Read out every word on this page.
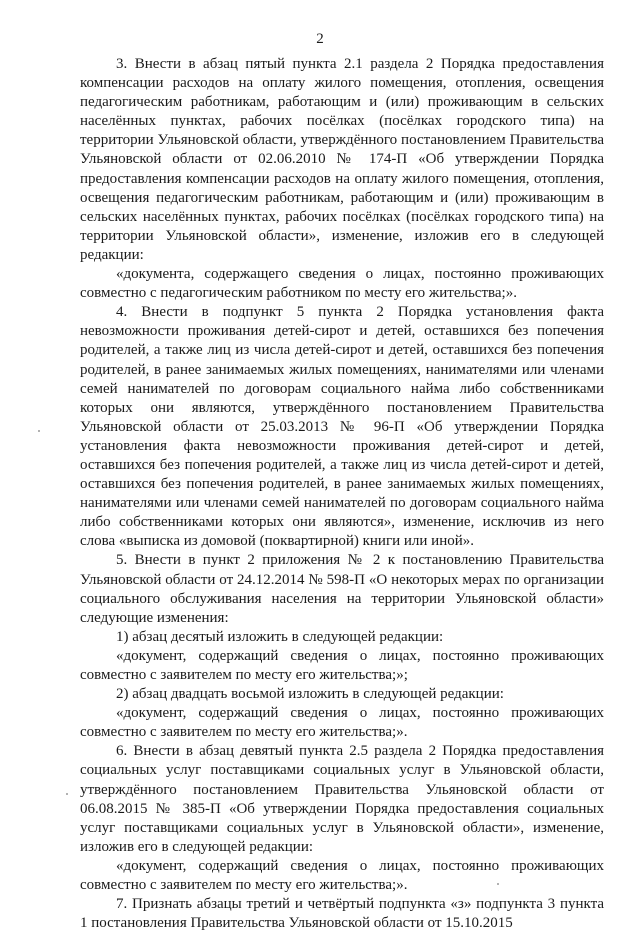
2

3. Внести в абзац пятый пункта 2.1 раздела 2 Порядка предоставления компенсации расходов на оплату жилого помещения, отопления, освещения педагогическим работникам, работающим и (или) проживающим в сельских населённых пунктах, рабочих посёлках (посёлках городского типа) на территории Ульяновской области, утверждённого постановлением Правительства Ульяновской области от 02.06.2010 № 174-П «Об утверждении Порядка предоставления компенсации расходов на оплату жилого помещения, отопления, освещения педагогическим работникам, работающим и (или) проживающим в сельских населённых пунктах, рабочих посёлках (посёлках городского типа) на территории Ульяновской области», изменение, изложив его в следующей редакции:

«документа, содержащего сведения о лицах, постоянно проживающих совместно с педагогическим работником по месту его жительства;».

4. Внести в подпункт 5 пункта 2 Порядка установления факта невозможности проживания детей-сирот и детей, оставшихся без попечения родителей, а также лиц из числа детей-сирот и детей, оставшихся без попечения родителей, в ранее занимаемых жилых помещениях, нанимателями или членами семей нанимателей по договорам социального найма либо собственниками которых они являются, утверждённого постановлением Правительства Ульяновской области от 25.03.2013 № 96-П «Об утверждении Порядка установления факта невозможности проживания детей-сирот и детей, оставшихся без попечения родителей, а также лиц из числа детей-сирот и детей, оставшихся без попечения родителей, в ранее занимаемых жилых помещениях, нанимателями или членами семей нанимателей по договорам социального найма либо собственниками которых они являются», изменение, исключив из него слова «выписка из домовой (поквартирной) книги или иной».

5. Внести в пункт 2 приложения № 2 к постановлению Правительства Ульяновской области от 24.12.2014 № 598-П «О некоторых мерах по организации социального обслуживания населения на территории Ульяновской области» следующие изменения:

1) абзац десятый изложить в следующей редакции:

«документ, содержащий сведения о лицах, постоянно проживающих совместно с заявителем по месту его жительства;»;

2) абзац двадцать восьмой изложить в следующей редакции:

«документ, содержащий сведения о лицах, постоянно проживающих совместно с заявителем по месту его жительства;».

6. Внести в абзац девятый пункта 2.5 раздела 2 Порядка предоставления социальных услуг поставщиками социальных услуг в Ульяновской области, утверждённого постановлением Правительства Ульяновской области от 06.08.2015 № 385-П «Об утверждении Порядка предоставления социальных услуг поставщиками социальных услуг в Ульяновской области», изменение, изложив его в следующей редакции:

«документ, содержащий сведения о лицах, постоянно проживающих совместно с заявителем по месту его жительства;».

7. Признать абзацы третий и четвёртый подпункта «з» подпункта 3 пункта 1 постановления Правительства Ульяновской области от 15.10.2015
